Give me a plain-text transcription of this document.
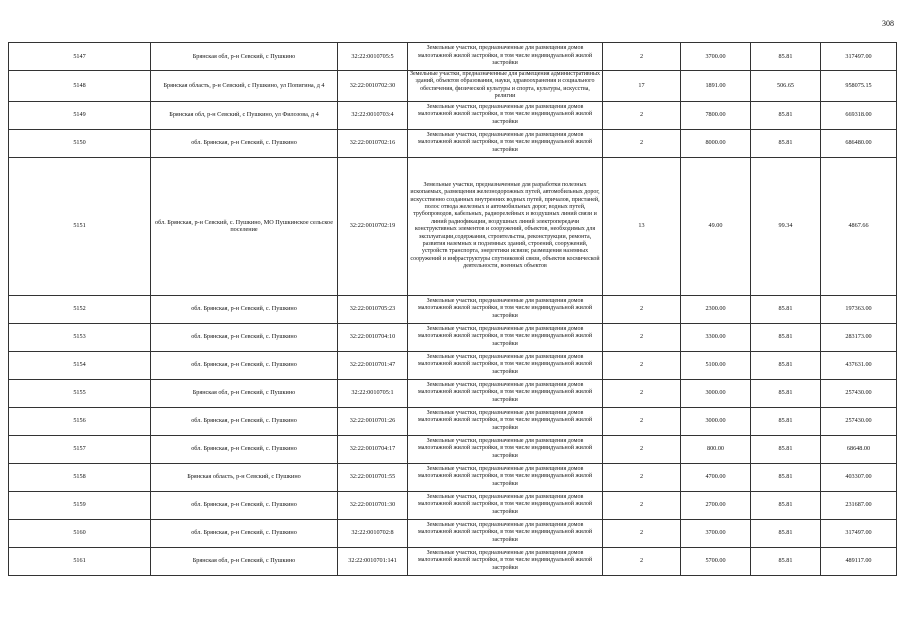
308
5147	Брянская обл, р-н Севский, с Пушкино	32:22:0010705:5	Земельные участки, предназначенные для размещения домов малоэтажной жилой застройки, в том числе индивидуальной жилой застройки	2	3700.00	85.81	317497.00
5148	Брянская область, р-н Севский, с Пушкино, ул Попигина, д 4	32:22:0010702:30	Земельные участки, предназначенные для размещения административных зданий, объектов образования, науки, здравоохранения и социального обеспечения, физической культуры и спорта, культуры, искусства, религии	17	1891.00	506.65	958075.15
5149	Брянская обл, р-н Севский, с Пушкино, ул Филозова, д 4	32:22:0010703:4	Земельные участки, предназначенные для размещения домов малоэтажной жилой застройки, в том числе индивидуальной жилой застройки	2	7800.00	85.81	669318.00
5150	обл. Брянская, р-н Севский, с. Пушкино	32:22:0010702:16	Земельные участки, предназначенные для размещения домов малоэтажной жилой застройки, в том числе индивидуальной жилой застройки	2	8000.00	85.81	686480.00
5151	обл. Брянская, р-н Севский, с. Пушкино, МО Пушкинское сельское поселение	32:22:0010702:19	Земельные участки, предназначенные для разработки полезных ископаемых, размещения железнодорожных путей, автомобильных дорог, искусственно созданных внутренних водных путей, причалов, пристаней, полос отвода железных и автомобильных дорог, водных путей, трубопроводов, кабельных, радиорелейных и воздушных линий связи и линий радиофикации, воздушных линий электропередачи конструктивных элементов и сооружений, объектов, необходимых для эксплуатации,содержания, строительства, реконструкции, ремонта, развития наземных и подземных зданий, строений, сооружений, устройств транспорта, энергетики исвязи; размещения наземных сооружений и инфраструктуры спутниковой связи, объектов космической деятельности, военных объектов	13	49.00	99.34	4867.66
5152	обл. Брянская, р-н Севский, с. Пушкино	32:22:0010705:23	Земельные участки, предназначенные для размещения домов малоэтажной жилой застройки, в том числе индивидуальной жилой застройки	2	2300.00	85.81	197363.00
5153	обл. Брянская, р-н Севский, с. Пушкино	32:22:0010704:10	Земельные участки, предназначенные для размещения домов малоэтажной жилой застройки, в том числе индивидуальной жилой застройки	2	3300.00	85.81	283173.00
5154	обл. Брянская, р-н Севский, с. Пушкино	32:22:0010701:47	Земельные участки, предназначенные для размещения домов малоэтажной жилой застройки, в том числе индивидуальной жилой застройки	2	5100.00	85.81	437631.00
5155	Брянская обл, р-н Севский, с Пушкино	32:22:0010705:1	Земельные участки, предназначенные для размещения домов малоэтажной жилой застройки, в том числе индивидуальной жилой застройки	2	3000.00	85.81	257430.00
5156	обл. Брянская, р-н Севский, с. Пушкино	32:22:0010701:26	Земельные участки, предназначенные для размещения домов малоэтажной жилой застройки, в том числе индивидуальной жилой застройки	2	3000.00	85.81	257430.00
5157	обл. Брянская, р-н Севский, с. Пушкино	32:22:0010704:17	Земельные участки, предназначенные для размещения домов малоэтажной жилой застройки, в том числе индивидуальной жилой застройки	2	800.00	85.81	68648.00
5158	Брянская область, р-н Севский, с Пушкино	32:22:0010701:55	Земельные участки, предназначенные для размещения домов малоэтажной жилой застройки, в том числе индивидуальной жилой застройки	2	4700.00	85.81	403307.00
5159	обл. Брянская, р-н Севский, с. Пушкино	32:22:0010701:30	Земельные участки, предназначенные для размещения домов малоэтажной жилой застройки, в том числе индивидуальной жилой застройки	2	2700.00	85.81	231687.00
5160	обл. Брянская, р-н Севский, с. Пушкино	32:22:0010702:8	Земельные участки, предназначенные для размещения домов малоэтажной жилой застройки, в том числе индивидуальной жилой застройки	2	3700.00	85.81	317497.00
5161	Брянская обл, р-н Севский, с Пушкино	32:22:0010701:141	Земельные участки, предназначенные для размещения домов малоэтажной жилой застройки, в том числе индивидуальной жилой застройки	2	5700.00	85.81	489117.00
